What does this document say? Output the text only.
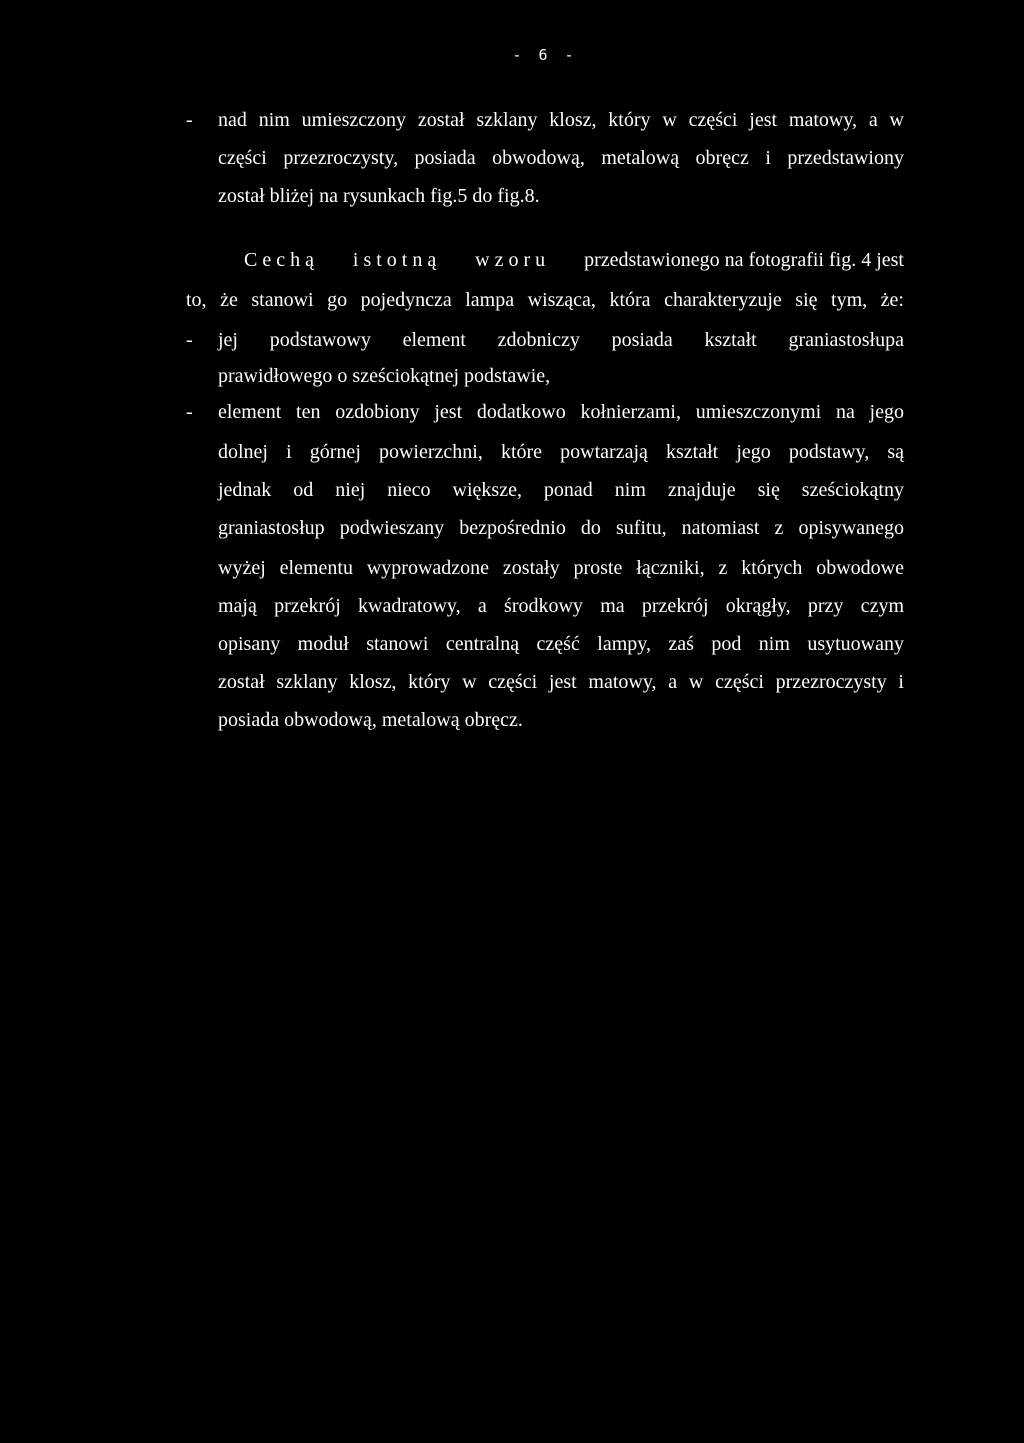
- 6 -
- nad nim umieszczony został szklany klosz, który w części jest matowy, a w
części przezroczysty, posiada obwodową, metalową obręcz i przedstawiony
został bliżej na rysunkach fig.5 do fig.8.
Cechą istotną wzoru przedstawionego na fotografii fig. 4 jest
to, że stanowi go pojedyncza lampa wisząca, która charakteryzuje się tym, że:
- jej podstawowy element zdobniczy posiada kształt graniastosłupa
prawidłowego o sześciokątnej podstawie,
- element ten ozdobiony jest dodatkowo kołnierzami, umieszczonymi na jego
dolnej i górnej powierzchni, które powtarzają kształt jego podstawy, są
jednak od niej nieco większe, ponad nim znajduje się sześciokątny
graniastosłup podwieszany bezpośrednio do sufitu, natomiast z opisywanego
wyżej elementu wyprowadzone zostały proste łączniki, z których obwodowe
mają przekrój kwadratowy, a środkowy ma przekrój okrągły, przy czym
opisany moduł stanowi centralną część lampy, zaś pod nim usytuowany
został szklany klosz, który w części jest matowy, a w części przezroczysty i
posiada obwodową, metalową obręcz.
